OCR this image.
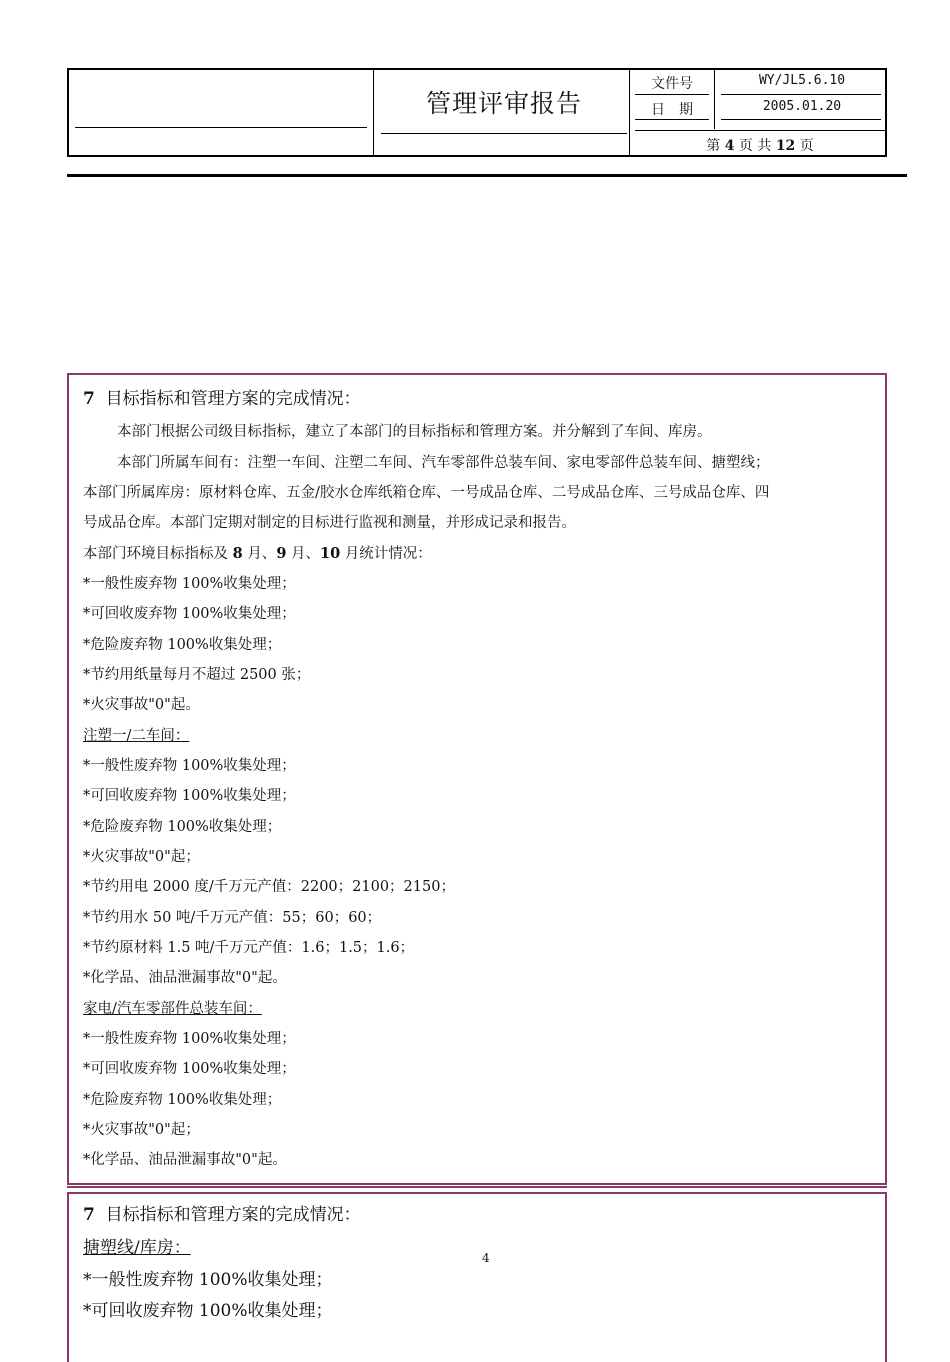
管理评审报告
文件号	WY/JL5.6.10
日　期	2005.01.20
第 4 页 共 12 页
7 目标指标和管理方案的完成情况：
本部门根据公司级目标指标，建立了本部门的目标指标和管理方案。并分解到了车间、库房。
本部门所属车间有：注塑一车间、注塑二车间、汽车零部件总装车间、家电零部件总装车间、搪塑线；
本部门所属库房：原材料仓库、五金/胶水仓库纸箱仓库、一号成品仓库、二号成品仓库、三号成品仓库、四
号成品仓库。本部门定期对制定的目标进行监视和测量，并形成记录和报告。
本部门环境目标指标及 8 月、9 月、10 月统计情况：
*一般性废弃物 100%收集处理；
*可回收废弃物 100%收集处理；
*危险废弃物 100%收集处理；
*节约用纸量每月不超过 2500 张；
*火灾事故"0"起。
注塑一/二车间：
*一般性废弃物 100%收集处理；
*可回收废弃物 100%收集处理；
*危险废弃物 100%收集处理；
*火灾事故"0"起；
*节约用电 2000 度/千万元产值：2200；2100；2150；
*节约用水 50 吨/千万元产值：55；60；60；
*节约原材料 1.5 吨/千万元产值：1.6；1.5；1.6；
*化学品、油品泄漏事故"0"起。
家电/汽车零部件总装车间：
*一般性废弃物 100%收集处理；
*可回收废弃物 100%收集处理；
*危险废弃物 100%收集处理；
*火灾事故"0"起；
*化学品、油品泄漏事故"0"起。
7 目标指标和管理方案的完成情况：
搪塑线/库房：
*一般性废弃物 100%收集处理；
*可回收废弃物 100%收集处理；
4
